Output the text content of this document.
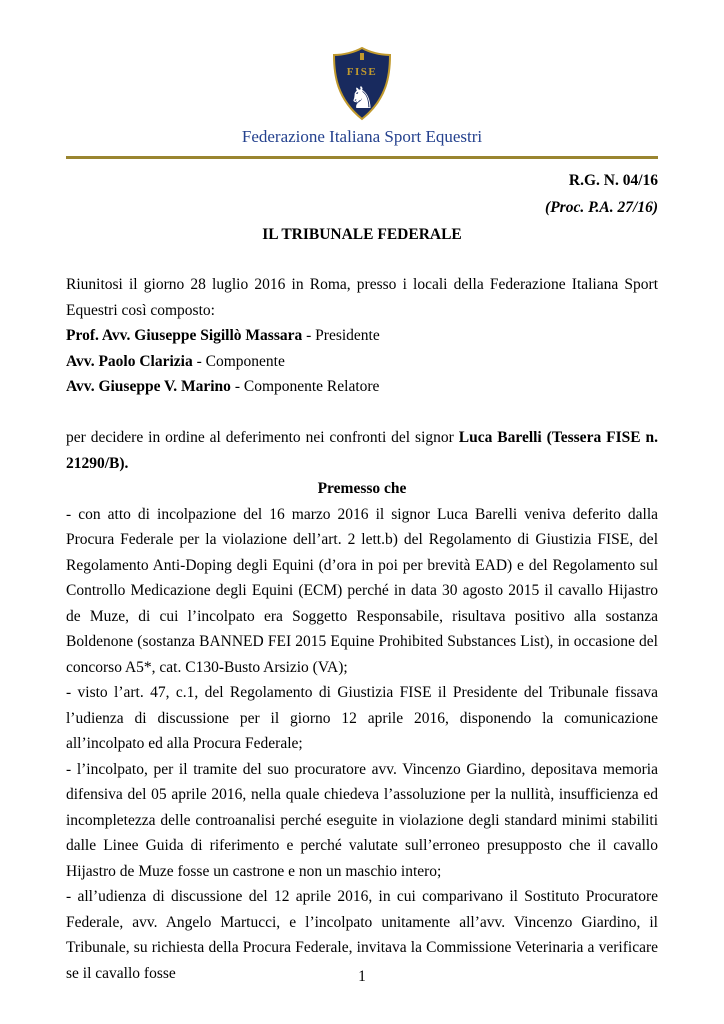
FISE
♞
Federazione Italiana Sport Equestri
R.G. N. 04/16
(Proc. P.A. 27/16)
IL TRIBUNALE FEDERALE

Riunitosi il giorno 28 luglio 2016 in Roma, presso i locali della Federazione Italiana Sport Equestri così composto:

Prof. Avv. Giuseppe Sigillò Massara - Presidente

Avv. Paolo Clarizia - Componente

Avv. Giuseppe V. Marino - Componente Relatore

per decidere in ordine al deferimento nei confronti del signor Luca Barelli (Tessera FISE n. 21290/B).

Premesso che

- con atto di incolpazione del 16 marzo 2016 il signor Luca Barelli veniva deferito dalla Procura Federale per la violazione dell’art. 2 lett.b) del Regolamento di Giustizia FISE, del Regolamento Anti-Doping degli Equini (d’ora in poi per brevità EAD) e del Regolamento sul Controllo Medicazione degli Equini (ECM) perché in data 30 agosto 2015 il cavallo Hijastro de Muze, di cui l’incolpato era Soggetto Responsabile, risultava positivo alla sostanza Boldenone (sostanza BANNED FEI 2015 Equine Prohibited Substances List), in occasione del concorso A5*, cat. C130-Busto Arsizio (VA);

- visto l’art. 47, c.1, del Regolamento di Giustizia FISE il Presidente del Tribunale fissava l’udienza di discussione per il giorno 12 aprile 2016, disponendo la comunicazione all’incolpato ed alla Procura Federale;

- l’incolpato, per il tramite del suo procuratore avv. Vincenzo Giardino, depositava memoria difensiva del 05 aprile 2016, nella quale chiedeva l’assoluzione per la nullità, insufficienza ed incompletezza delle controanalisi perché eseguite in violazione degli standard minimi stabiliti dalle Linee Guida di riferimento e perché valutate sull’erroneo presupposto che il cavallo Hijastro de Muze fosse un castrone e non un maschio intero;

- all’udienza di discussione del 12 aprile 2016, in cui comparivano il Sostituto Procuratore Federale, avv. Angelo Martucci, e l’incolpato unitamente all’avv. Vincenzo Giardino, il Tribunale, su richiesta della Procura Federale, invitava la Commissione Veterinaria a verificare se il cavallo fosse	1
